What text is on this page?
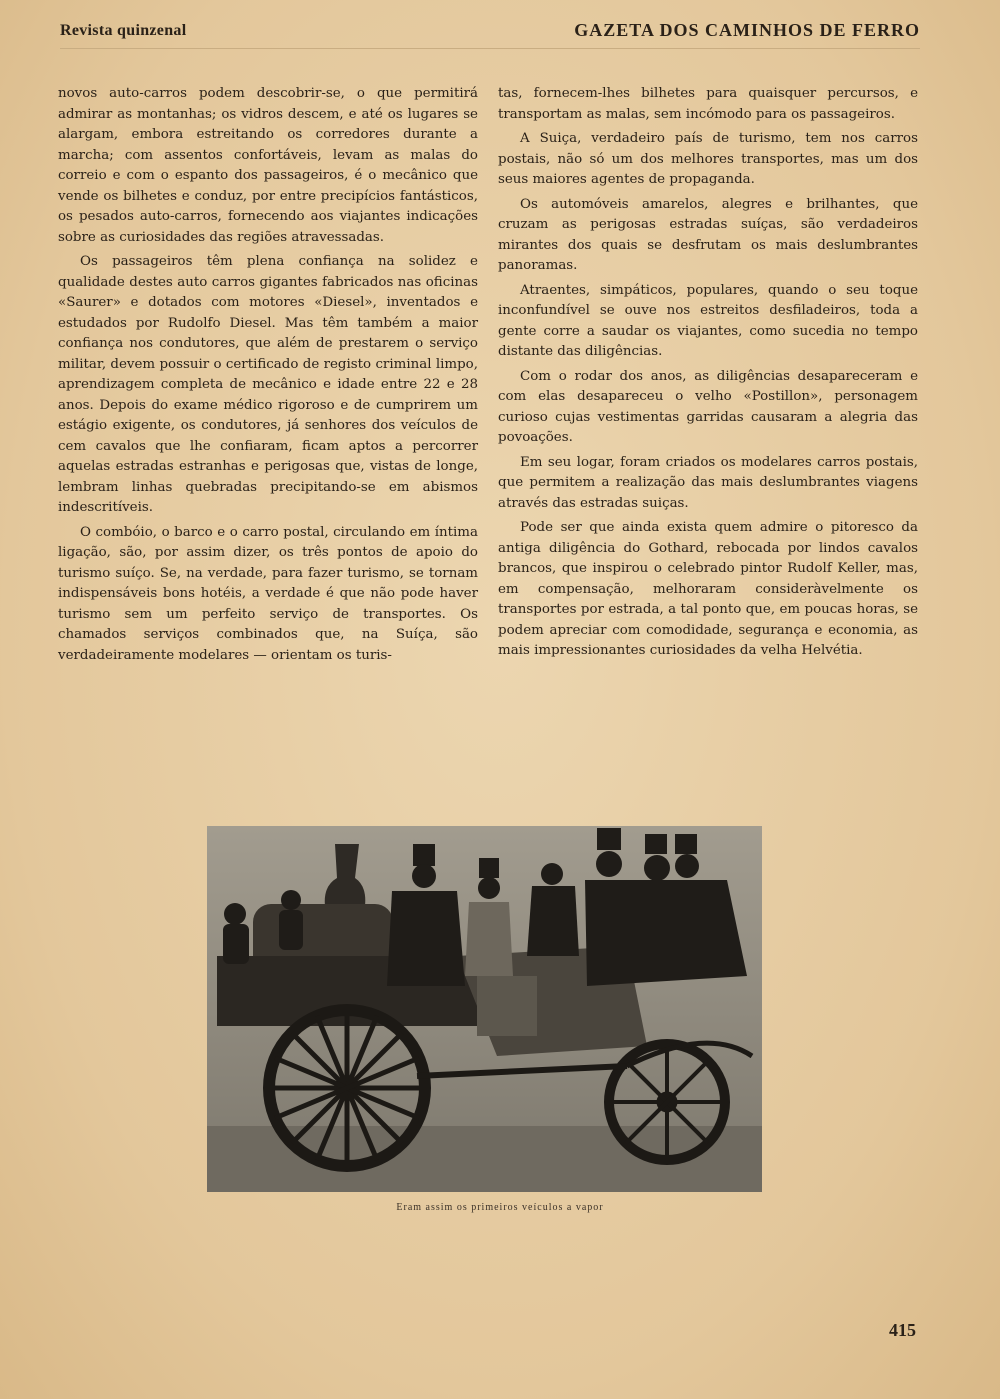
Revista quinzenal	GAZETA DOS CAMINHOS DE FERRO

novos auto-carros podem descobrir-se, o que permitirá admirar as montanhas; os vidros descem, e até os lugares se alargam, embora estreitando os corredores durante a marcha; com assentos confortáveis, levam as malas do correio e com o espanto dos passageiros, é o mecânico que vende os bilhetes e conduz, por entre precipícios fantásticos, os pesados auto-carros, fornecendo aos viajantes indicações sobre as curiosidades das regiões atravessadas.

Os passageiros têm plena confiança na solidez e qualidade destes auto carros gigantes fabricados nas oficinas «Saurer» e dotados com motores «Diesel», inventados e estudados por Rudolfo Diesel. Mas têm também a maior confiança nos condutores, que além de prestarem o serviço militar, devem possuir o certificado de registo criminal limpo, aprendizagem completa de mecânico e idade entre 22 e 28 anos. Depois do exame médico rigoroso e de cumprirem um estágio exigente, os condutores, já senhores dos veículos de cem cavalos que lhe confiaram, ficam aptos a percorrer aquelas estradas estranhas e perigosas que, vistas de longe, lembram linhas quebradas precipitando-se em abismos indescritíveis.

O combóio, o barco e o carro postal, circulando em íntima ligação, são, por assim dizer, os três pontos de apoio do turismo suíço. Se, na verdade, para fazer turismo, se tornam indispensáveis bons hotéis, a verdade é que não pode haver turismo sem um perfeito serviço de transportes. Os chamados serviços combinados que, na Suíça, são verdadeiramente modelares — orientam os turis-

tas, fornecem-lhes bilhetes para quaisquer percursos, e transportam as malas, sem incómodo para os passageiros.

A Suiça, verdadeiro país de turismo, tem nos carros postais, não só um dos melhores transportes, mas um dos seus maiores agentes de propaganda.

Os automóveis amarelos, alegres e brilhantes, que cruzam as perigosas estradas suíças, são verdadeiros mirantes dos quais se desfrutam os mais deslumbrantes panoramas.

Atraentes, simpáticos, populares, quando o seu toque inconfundível se ouve nos estreitos desfiladeiros, toda a gente corre a saudar os viajantes, como sucedia no tempo distante das diligências.

Com o rodar dos anos, as diligências desapareceram e com elas desapareceu o velho «Postillon», personagem curioso cujas vestimentas garridas causaram a alegria das povoações.

Em seu logar, foram criados os modelares carros postais, que permitem a realização das mais deslumbrantes viagens através das estradas suiças.

Pode ser que ainda exista quem admire o pitoresco da antiga diligência do Gothard, rebocada por lindos cavalos brancos, que inspirou o celebrado pintor Rudolf Keller, mas, em compensação, melhoraram consideràvelmente os transportes por estrada, a tal ponto que, em poucas horas, se podem apreciar com comodidade, segurança e economia, as mais impressionantes curiosidades da velha Helvétia.

Eram assim os primeiros veículos a vapor
415
